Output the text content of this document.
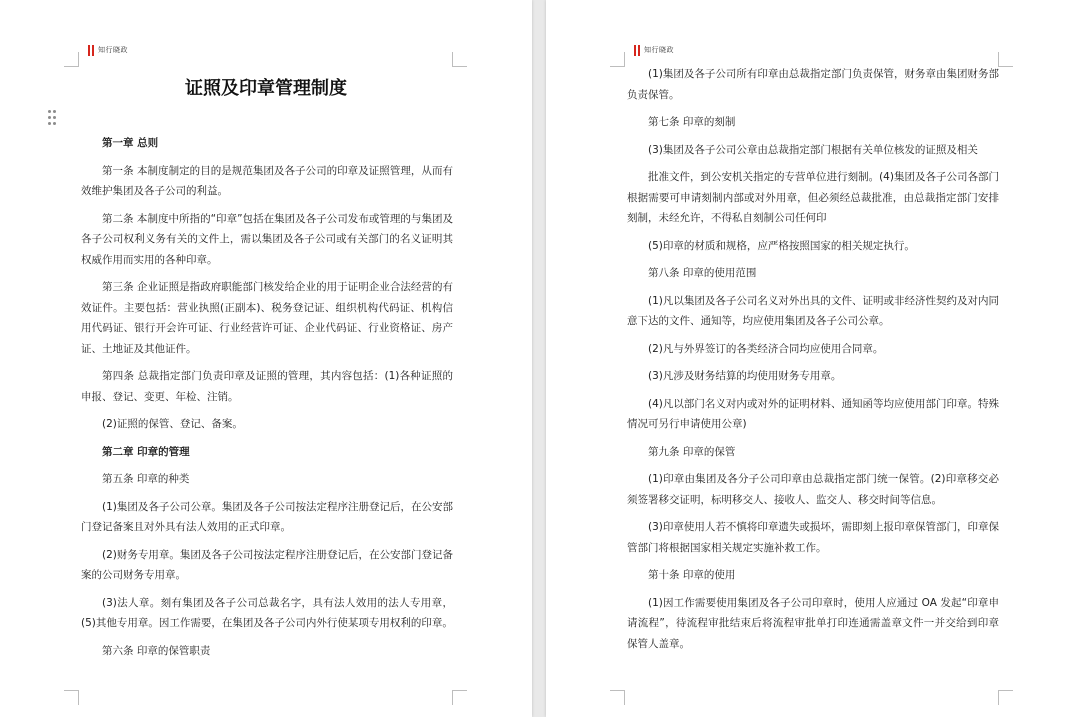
知行晓政
证照及印章管理制度

第一章 总则

第一条 本制度制定的目的是规范集团及各子公司的印章及证照管理，从而有效维护集团及各子公司的利益。

第二条 本制度中所指的“印章”包括在集团及各子公司发布或管理的与集团及各子公司权利义务有关的文件上，需以集团及各子公司或有关部门的名义证明其权威作用而实用的各种印章。

第三条 企业证照是指政府职能部门核发给企业的用于证明企业合法经营的有效证件。主要包括：营业执照(正副本)、税务登记证、组织机构代码证、机构信用代码证、银行开会许可证、行业经营许可证、企业代码证、行业资格证、房产证、土地证及其他证件。

第四条 总裁指定部门负责印章及证照的管理，其内容包括：(1)各种证照的申报、登记、变更、年检、注销。

(2)证照的保管、登记、备案。

第二章 印章的管理

第五条 印章的种类

(1)集团及各子公司公章。集团及各子公司按法定程序注册登记后，在公安部门登记备案且对外具有法人效用的正式印章。

(2)财务专用章。集团及各子公司按法定程序注册登记后，在公安部门登记备案的公司财务专用章。

(3)法人章。刻有集团及各子公司总裁名字，具有法人效用的法人专用章，(5)其他专用章。因工作需要，在集团及各子公司内外行使某项专用权利的印章。

第六条 印章的保管职责

知行晓政

(1)集团及各子公司所有印章由总裁指定部门负责保管，财务章由集团财务部负责保管。

第七条 印章的刻制

(3)集团及各子公司公章由总裁指定部门根据有关单位核发的证照及相关

批准文件，到公安机关指定的专营单位进行刻制。(4)集团及各子公司各部门根据需要可申请刻制内部或对外用章，但必须经总裁批准，由总裁指定部门安排刻制，未经允许，不得私自刻制公司任何印

(5)印章的材质和规格，应严格按照国家的相关规定执行。

第八条 印章的使用范围

(1)凡以集团及各子公司名义对外出具的文件、证明或非经济性契约及对内同意下达的文件、通知等，均应使用集团及各子公司公章。

(2)凡与外界签订的各类经济合同均应使用合同章。

(3)凡涉及财务结算的均使用财务专用章。

(4)凡以部门名义对内或对外的证明材料、通知函等均应使用部门印章。特殊情况可另行申请使用公章)

第九条 印章的保管

(1)印章由集团及各分子公司印章由总裁指定部门统一保管。(2)印章移交必须签署移交证明，标明移交人、接收人、监交人、移交时间等信息。

(3)印章使用人若不慎将印章遗失或损坏，需即刻上报印章保管部门，印章保管部门将根据国家相关规定实施补救工作。

第十条 印章的使用

(1)因工作需要使用集团及各子公司印章时，使用人应通过 OA 发起“印章申请流程”，待流程审批结束后将流程审批单打印连通需盖章文件一并交给到印章保管人盖章。
